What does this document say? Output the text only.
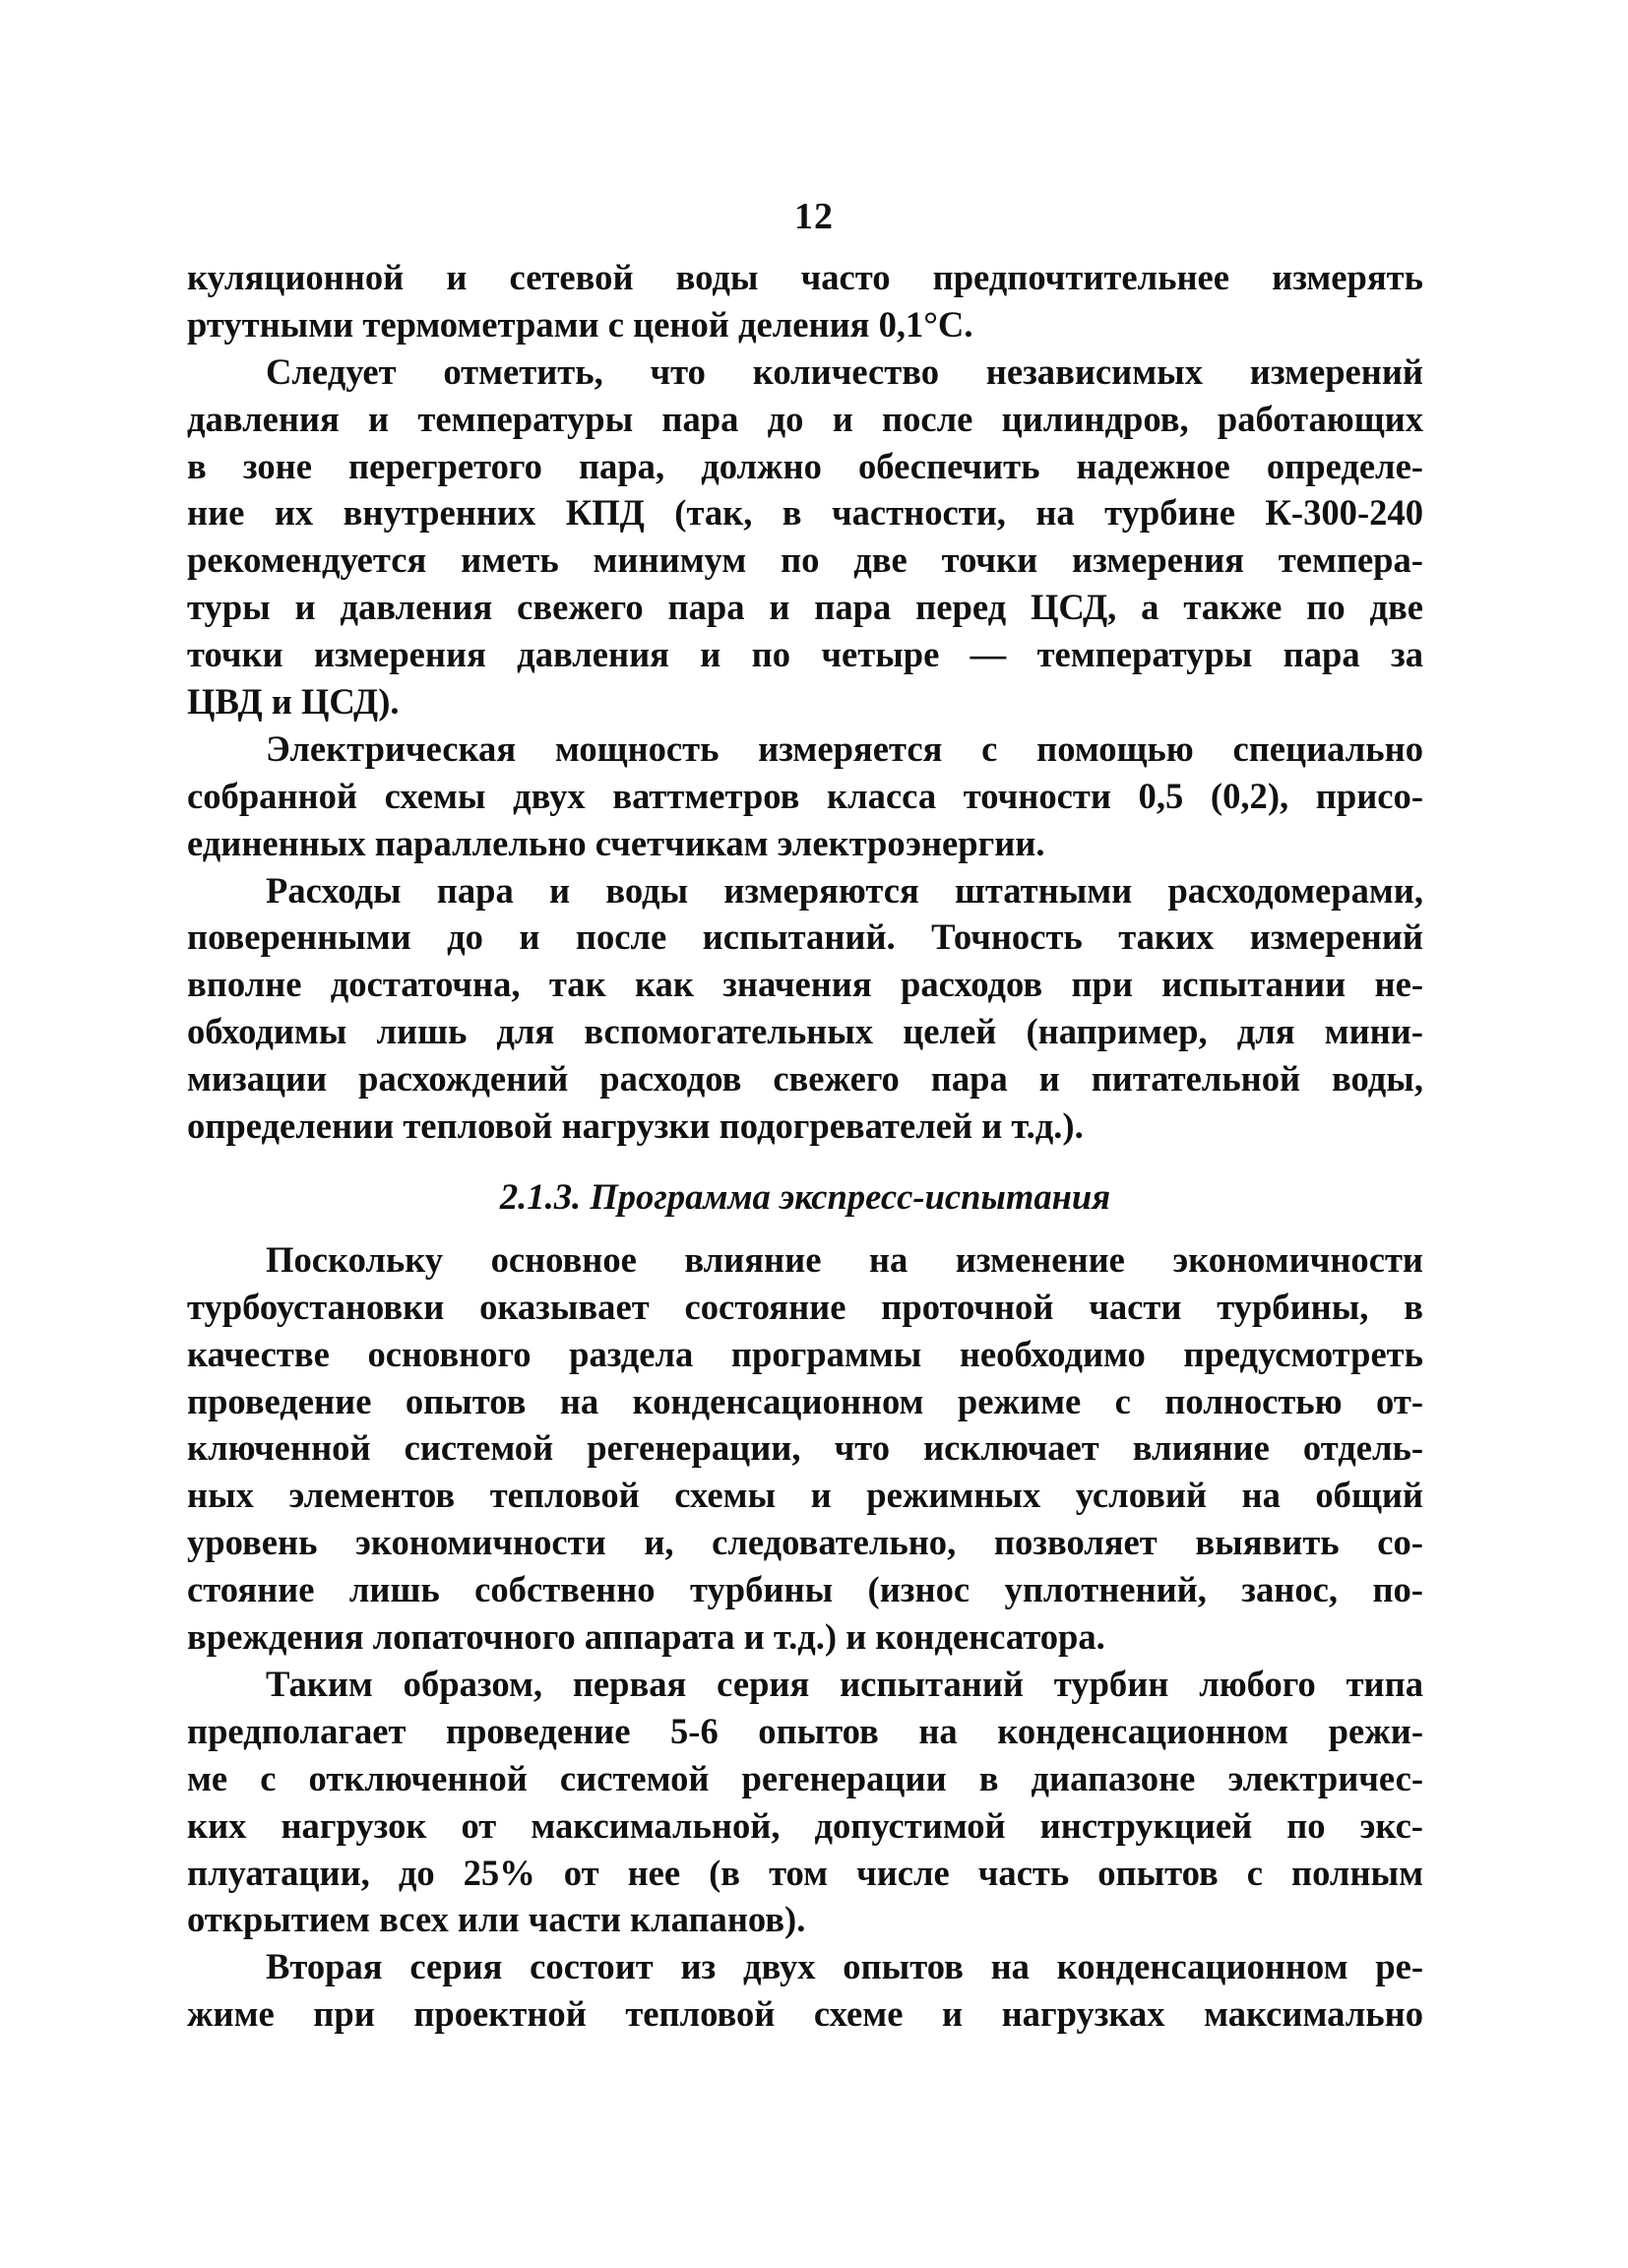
12
куляционной и сетевой воды часто предпочтительнее измерять
ртутными термометрами с ценой деления 0,1°С.
Следует отметить, что количество независимых измерений
давления и температуры пара до и после цилиндров, работающих
в зоне перегретого пара, должно обеспечить надежное определе-
ние их внутренних КПД (так, в частности, на турбине К-300-240
рекомендуется иметь минимум по две точки измерения темпера-
туры и давления свежего пара и пара перед ЦСД, а также по две
точки измерения давления и по четыре — температуры пара за
ЦВД и ЦСД).
Электрическая мощность измеряется с помощью специально
собранной схемы двух ваттметров класса точности 0,5 (0,2), присо-
единенных параллельно счетчикам электроэнергии.
Расходы пара и воды измеряются штатными расходомерами,
поверенными до и после испытаний. Точность таких измерений
вполне достаточна, так как значения расходов при испытании не-
обходимы лишь для вспомогательных целей (например, для мини-
мизации расхождений расходов свежего пара и питательной воды,
определении тепловой нагрузки подогревателей и т.д.).
2.1.3. Программа экспресс-испытания
Поскольку основное влияние на изменение экономичности
турбоустановки оказывает состояние проточной части турбины, в
качестве основного раздела программы необходимо предусмотреть
проведение опытов на конденсационном режиме с полностью от-
ключенной системой регенерации, что исключает влияние отдель-
ных элементов тепловой схемы и режимных условий на общий
уровень экономичности и, следовательно, позволяет выявить со-
стояние лишь собственно турбины (износ уплотнений, занос, по-
вреждения лопаточного аппарата и т.д.) и конденсатора.
Таким образом, первая серия испытаний турбин любого типа
предполагает проведение 5-6 опытов на конденсационном режи-
ме с отключенной системой регенерации в диапазоне электричес-
ких нагрузок от максимальной, допустимой инструкцией по экс-
плуатации, до 25% от нее (в том числе часть опытов с полным
открытием всех или части клапанов).
Вторая серия состоит из двух опытов на конденсационном ре-
жиме при проектной тепловой схеме и нагрузках максимально
